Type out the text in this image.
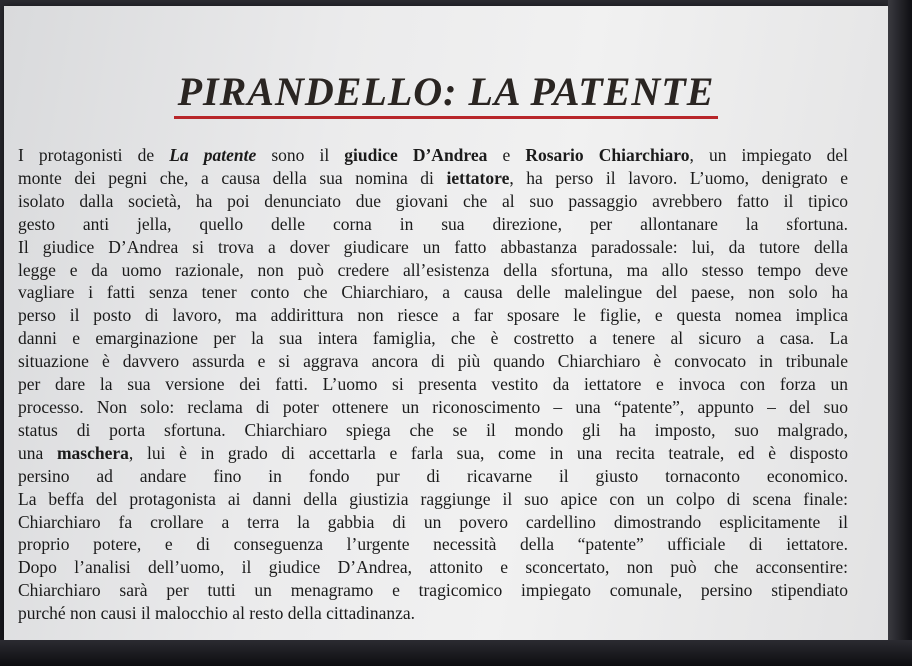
PIRANDELLO: LA PATENTE
I protagonisti de La patente sono il giudice D’Andrea e Rosario Chiarchiaro, un impiegato del
monte dei pegni che, a causa della sua nomina di iettatore, ha perso il lavoro. L’uomo, denigrato e
isolato dalla società, ha poi denunciato due giovani che al suo passaggio avrebbero fatto il tipico
gesto anti jella, quello delle corna in sua direzione, per allontanare la sfortuna.
Il giudice D’Andrea si trova a dover giudicare un fatto abbastanza paradossale: lui, da tutore della
legge e da uomo razionale, non può credere all’esistenza della sfortuna, ma allo stesso tempo deve
vagliare i fatti senza tener conto che Chiarchiaro, a causa delle malelingue del paese, non solo ha
perso il posto di lavoro, ma addirittura non riesce a far sposare le figlie, e questa nomea implica
danni e emarginazione per la sua intera famiglia, che è costretto a tenere al sicuro a casa. La
situazione è davvero assurda e si aggrava ancora di più quando Chiarchiaro è convocato in tribunale
per dare la sua versione dei fatti. L’uomo si presenta vestito da iettatore e invoca con forza un
processo. Non solo: reclama di poter ottenere un riconoscimento – una “patente”, appunto – del suo
status di porta sfortuna. Chiarchiaro spiega che se il mondo gli ha imposto, suo malgrado,
una maschera, lui è in grado di accettarla e farla sua, come in una recita teatrale, ed è disposto
persino ad andare fino in fondo pur di ricavarne il giusto tornaconto economico.
La beffa del protagonista ai danni della giustizia raggiunge il suo apice con un colpo di scena finale:
Chiarchiaro fa crollare a terra la gabbia di un povero cardellino dimostrando esplicitamente il
proprio potere, e di conseguenza l’urgente necessità della “patente” ufficiale di iettatore.
Dopo l’analisi dell’uomo, il giudice D’Andrea, attonito e sconcertato, non può che acconsentire:
Chiarchiaro sarà per tutti un menagramo e tragicomico impiegato comunale, persino stipendiato
purché non causi il malocchio al resto della cittadinanza.
